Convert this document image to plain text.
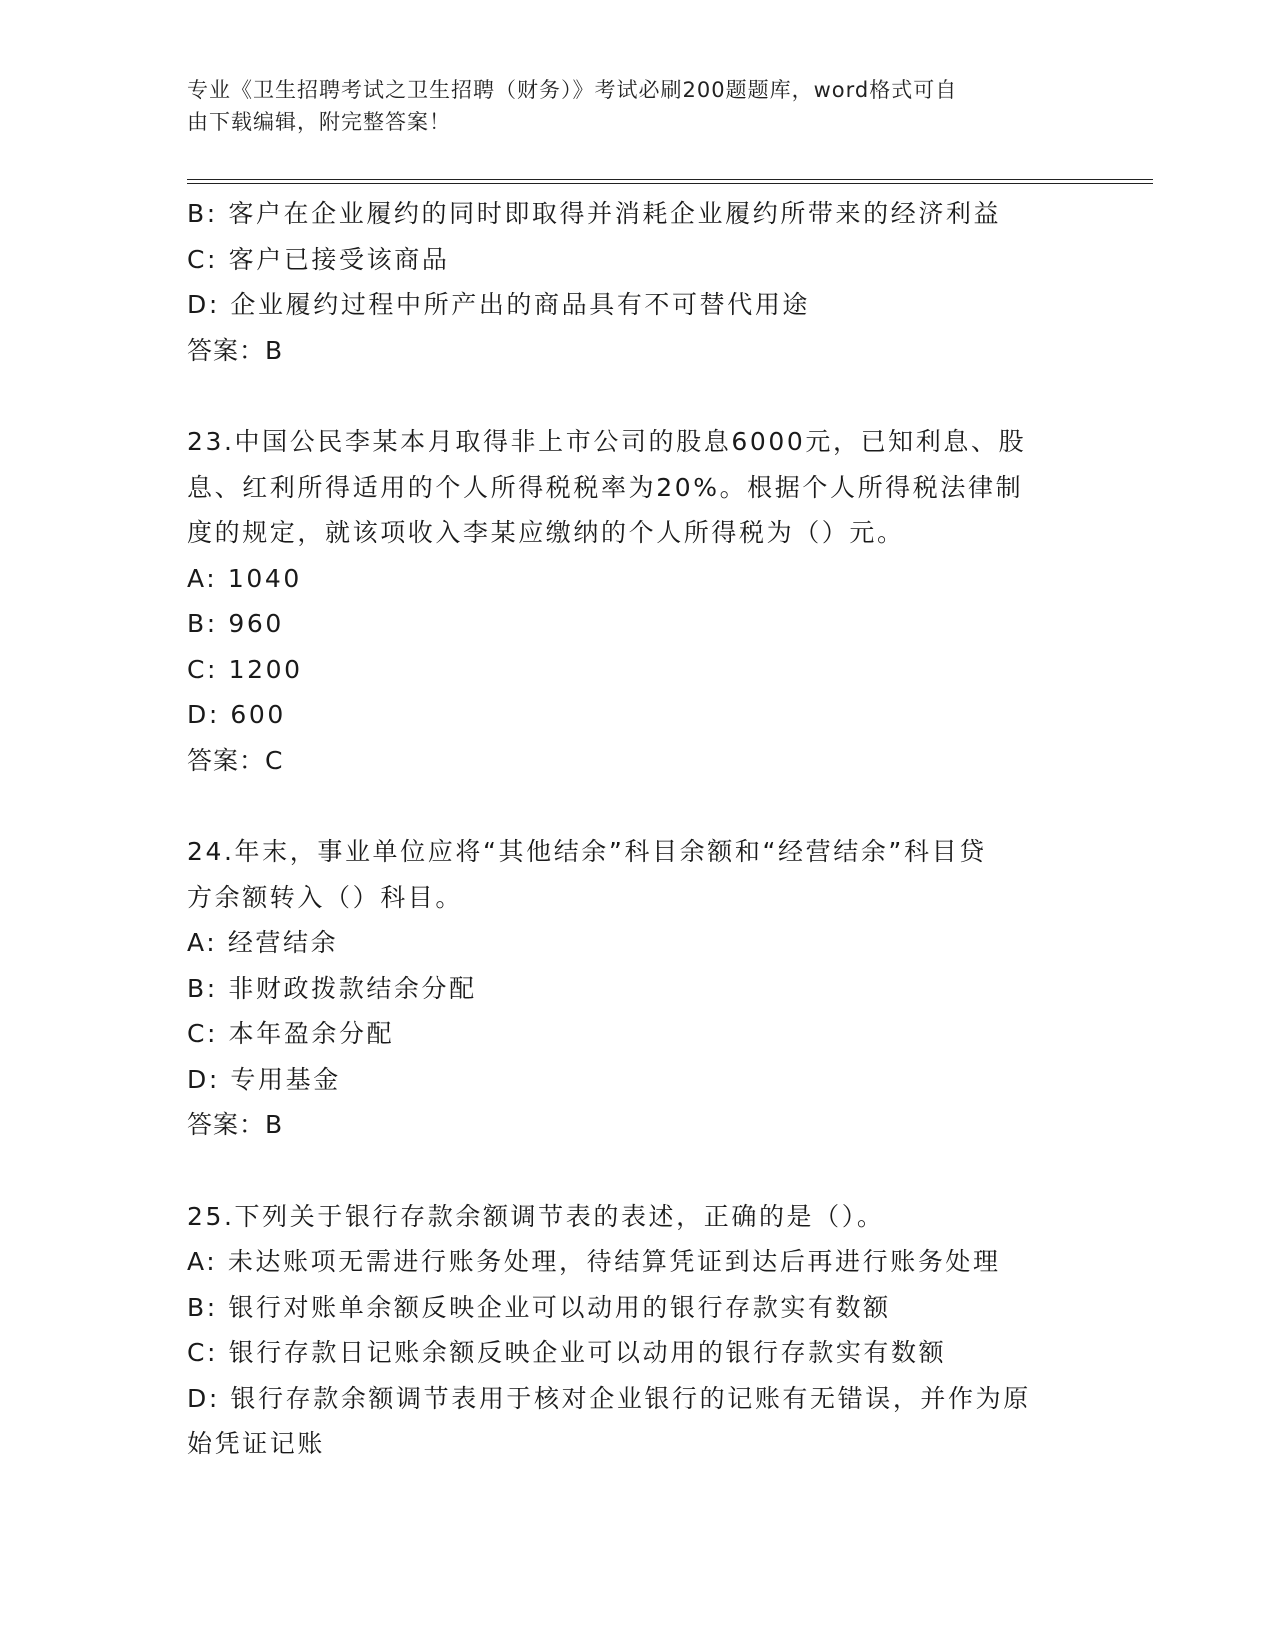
专业《卫生招聘考试之卫生招聘（财务）》考试必刷200题题库，word格式可自
由下载编辑，附完整答案！
B: 客户在企业履约的同时即取得并消耗企业履约所带来的经济利益
C: 客户已接受该商品
D: 企业履约过程中所产出的商品具有不可替代用途
答案：B
23.中国公民李某本月取得非上市公司的股息6000元，已知利息、股
息、红利所得适用的个人所得税税率为20%。根据个人所得税法律制
度的规定，就该项收入李某应缴纳的个人所得税为（）元。
A: 1040
B: 960
C: 1200
D: 600
答案：C
24.年末，事业单位应将“其他结余”科目余额和“经营结余”科目贷
方余额转入（）科目。
A: 经营结余
B: 非财政拨款结余分配
C: 本年盈余分配
D: 专用基金
答案：B
25.下列关于银行存款余额调节表的表述，正确的是（）。
A: 未达账项无需进行账务处理，待结算凭证到达后再进行账务处理
B: 银行对账单余额反映企业可以动用的银行存款实有数额
C: 银行存款日记账余额反映企业可以动用的银行存款实有数额
D: 银行存款余额调节表用于核对企业银行的记账有无错误，并作为原
始凭证记账
